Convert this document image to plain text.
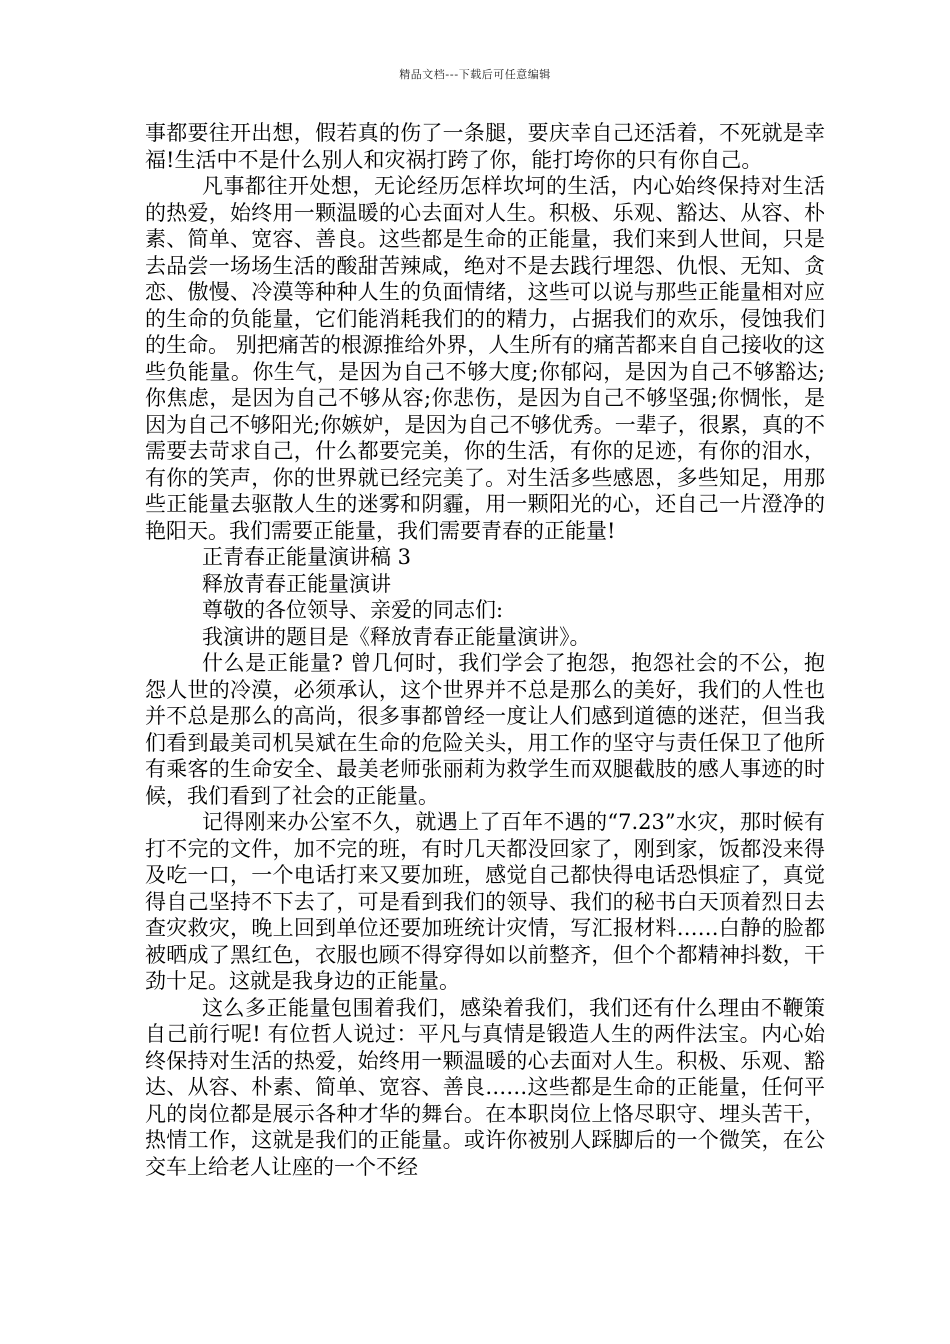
精品文档---下载后可任意编辑

事都要往开出想，假若真的伤了一条腿，要庆幸自己还活着，不死就是幸福!生活中不是什么别人和灾祸打跨了你，能打垮你的只有你自己。

凡事都往开处想，无论经历怎样坎坷的生活，内心始终保持对生活的热爱，始终用一颗温暖的心去面对人生。积极、乐观、豁达、从容、朴素、简单、宽容、善良。这些都是生命的正能量，我们来到人世间，只是去品尝一场场生活的酸甜苦辣咸，绝对不是去践行埋怨、仇恨、无知、贪恋、傲慢、冷漠等种种人生的负面情绪，这些可以说与那些正能量相对应的生命的负能量，它们能消耗我们的的精力，占据我们的欢乐，侵蚀我们的生命。 别把痛苦的根源推给外界，人生所有的痛苦都来自自己接收的这些负能量。你生气，是因为自己不够大度;你郁闷，是因为自己不够豁达;你焦虑，是因为自己不够从容;你悲伤，是因为自己不够坚强;你惆怅，是因为自己不够阳光;你嫉妒，是因为自己不够优秀。一辈子，很累，真的不需要去苛求自己，什么都要完美，你的生活，有你的足迹，有你的泪水，有你的笑声，你的世界就已经完美了。对生活多些感恩，多些知足，用那些正能量去驱散人生的迷雾和阴霾，用一颗阳光的心，还自己一片澄净的艳阳天。我们需要正能量，我们需要青春的正能量!

正青春正能量演讲稿 3

释放青春正能量演讲

尊敬的各位领导、亲爱的同志们:

我演讲的题目是《释放青春正能量演讲》。

什么是正能量? 曾几何时，我们学会了抱怨，抱怨社会的不公，抱怨人世的冷漠，必须承认，这个世界并不总是那么的美好，我们的人性也并不总是那么的高尚，很多事都曾经一度让人们感到道德的迷茫，但当我们看到最美司机吴斌在生命的危险关头，用工作的坚守与责任保卫了他所有乘客的生命安全、最美老师张丽莉为救学生而双腿截肢的感人事迹的时候，我们看到了社会的正能量。

记得刚来办公室不久，就遇上了百年不遇的“7.23”水灾，那时候有打不完的文件，加不完的班，有时几天都没回家了，刚到家，饭都没来得及吃一口，一个电话打来又要加班，感觉自己都快得电话恐惧症了，真觉得自己坚持不下去了，可是看到我们的领导、我们的秘书白天顶着烈日去查灾救灾，晚上回到单位还要加班统计灾情，写汇报材料……白静的脸都被晒成了黑红色，衣服也顾不得穿得如以前整齐，但个个都精神抖数，干劲十足。这就是我身边的正能量。

这么多正能量包围着我们，感染着我们，我们还有什么理由不鞭策自己前行呢! 有位哲人说过：平凡与真情是锻造人生的两件法宝。内心始终保持对生活的热爱，始终用一颗温暖的心去面对人生。积极、乐观、豁达、从容、朴素、简单、宽容、善良……这些都是生命的正能量，任何平凡的岗位都是展示各种才华的舞台。在本职岗位上恪尽职守、埋头苦干，热情工作，这就是我们的正能量。或许你被别人踩脚后的一个微笑，在公交车上给老人让座的一个不经
